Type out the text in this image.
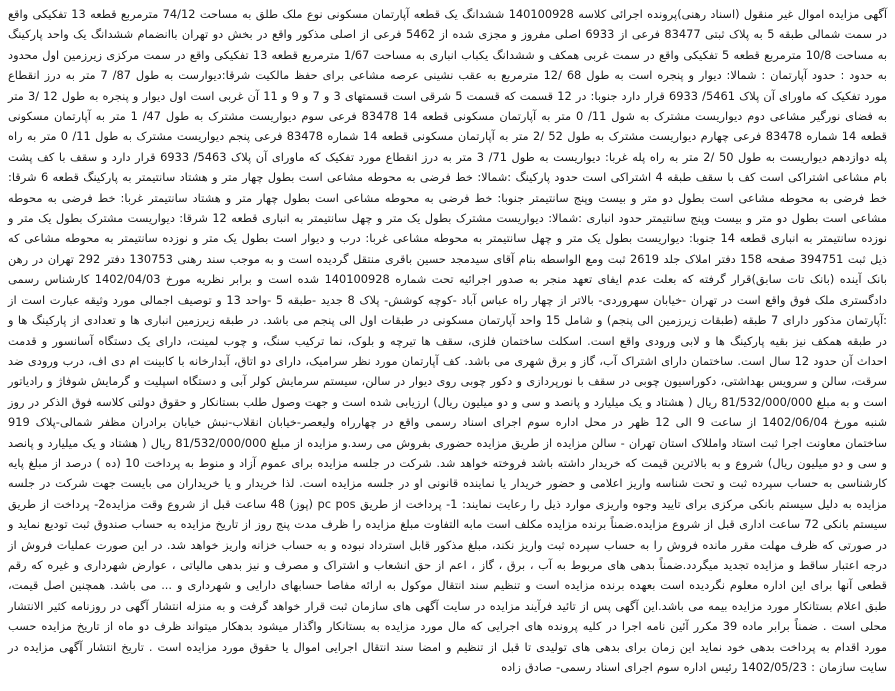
آگهی مزایده اموال غیر منقول (اسناد رهنی)پرونده اجرائی کلاسه 140100928 ششدانگ یک قطعه آپارتمان مسکونی نوع ملک طلق به مساحت 74/12 مترمربع قطعه 13 تفکیکی واقع در سمت شمالی طبقه 5 به پلاک ثبتی 83477 فرعی از 6933 اصلی مفروز و مجزی شده از 5462 فرعی از اصلی مذکور واقع در بخش دو تهران باانضمام ششدانگ یک واحد پارکینگ به مساحت 10/8 مترمربع قطعه 5 تفکیکی واقع در سمت غربی همکف و ششدانگ یکباب انباری به مساحت 1/67 مترمربع قطعه 13 تفکیکی واقع در سمت مرکزی زیرزمین اول محدود به حدود : حدود آپارتمان : شمالا: دیوار و پنجره است به طول 68 /12 مترمربع به عقب نشینی عرصه مشاعی برای حفظ مالکیت شرقا:دیوارست به طول 87/ 7 متر به درز انقطاع مورد تفکیک که ماورای آن پلاک 5461/ 6933 قرار دارد جنوبا: در 12 قسمت که قسمت 5 شرقی است قسمتهای 3 و 7 و 9 و 11 آن غربی است اول دیوار و پنجره به طول 12 /3 متر به فضای نورگیر مشاعی دوم دیواریست مشترک به شول 11/ 0 متر به آپارتمان مسکونی قطعه 14 83478 فرعی سوم دیواریست مشترک به طول 47/ 1 متر به آپارتمان مسکونی قطعه 14 شماره 83478 فرعی چهارم دیواریست مشترک به طول 52 /2 متر به آپارتمان مسکونی قطعه 14 شماره 83478 فرعی پنجم دیواریست مشترک به طول 11/ 0 متر به راه پله دوازدهم دیواریست به طول 50 /2 متر به راه پله غربا: دیواریست به طول 71/ 3 متر به درز انقطاع مورد تفکیک که ماورای آن پلاک 5463/ 6933 قرار دارد و سقف با کف پشت بام مشاعی اشتراکی است کف با سقف طبقه 4 اشتراکی است حدود پارکینگ :شمالا: خط فرضی به محوطه مشاعی است بطول چهار متر و هشتاد سانتیمتر به پارکینگ قطعه 6 شرقا: خط فرضی به محوطه مشاعی است بطول دو متر و بیست وپنج سانتیمتر جنوبا: خط فرضی به محوطه مشاعی است بطول چهار متر و هشتاد سانتیمتر غربا: خط فرضی به محوطه مشاعی است بطول دو متر و بیست وپنج سانتیمتر حدود انباری :شمالا: دیواریست مشترک بطول یک متر و چهل سانتیمتر به انباری قطعه 12 شرقا: دیواریست مشترک بطول یک متر و نوزده سانتیمتر به انباری قطعه 14 جنوبا: دیواریست بطول یک متر و چهل سانتیمتر به محوطه مشاعی غربا: درب و دیوار است بطول یک متر و نوزده سانتیمتر به محوطه مشاعی که ذیل ثبت 394751 صفحه 158 دفتر املاک جلد 2619 ثبت ومع الواسطه بنام آقای سیدمجد حسین باقری منتقل گردیده است و به موجب سند رهنی 130753 دفتر 292 تهران در رهن بانک آینده (بانک تات سابق)قرار گرفته که بعلت عدم ایفای تعهد منجر به صدور اجرائیه تحت شماره 140100928 شده است و برابر نظریه مورخ 1402/04/03 کارشناس رسمی دادگستری ملک فوق واقع است در تهران -خیابان سهروردی- بالاتر از چهار راه عباس آباد -کوچه کوشش- پلاک 8 جدید -طبقه 5 -واحد 13 و توصیف اجمالی مورد وثیقه عبارت است از :آپارتمان مذکور دارای 7 طبقه (طبقات زیرزمین الی پنجم) و شامل 15 واحد آپارتمان مسکونی در طبقات اول الی پنجم می باشد. در طبقه زیرزمین انباری ها و تعدادی از پارکینگ ها و در طبقه همکف نیز بقیه پارکینگ ها و لابی ورودی واقع است. اسکلت ساختمان فلزی، سقف ها تیرچه و بلوک، نما ترکیب سنگ، و چوب لمینت، دارای یک دستگاه آسانسور و قدمت احداث آن حدود 12 سال است. ساختمان دارای اشتراک آب، گاز و برق شهری می باشد. کف آپارتمان مورد نظر سرامیک، دارای دو اتاق، آبدارخانه با کابینت ام دی اف، درب ورودی ضد سرقت، سالن و سرویس بهداشتی، دکوراسیون چوبی در سقف با نورپردازی و دکور چوبی روی دیوار در سالن، سیستم سرمایش کولر آبی و دستگاه اسپلیت و گرمایش شوفاژ و رادیاتور است و به مبلغ 81/532/000/000 ریال ( هشتاد و یک میلیارد و پانصد و سی و دو میلیون ریال) ارزیابی شده است و جهت وصول طلب بستانکار و حقوق دولتی کلاسه فوق الذکر در روز شنبه مورخ 1402/06/04 از ساعت 9 الی 12 ظهر در محل اداره سوم اجرای اسناد رسمی واقع در چهارراه ولیعصر-خیابان انقلاب-نبش خیابان برادران مظفر شمالی-پلاک 919 ساختمان معاونت اجرا ثبت استاد وامللاک استان تهران - سالن مزایده از طریق مزایده حضوری بفروش می رسد.و مزایده از مبلغ 81/532/000/000 ریال ( هشتاد و یک میلیارد و پانصد و سی و دو میلیون ریال) شروع و به بالاترین قیمت که خریدار داشته باشد فروخته خواهد شد. شرکت در جلسه مزایده برای عموم آزاد و منوط به پرداخت 10 (ده ) درصد از مبلغ پایه کارشناسی به حساب سپرده ثبت و تحت شناسه واریز اعلامی و حضور خریدار یا نماینده قانونی او در جلسه مزایده است. لذا خریدار و یا خریداران می بایست جهت شرکت در جلسه مزایده به دلیل سیستم بانکی مرکزی برای تایید وجوه واریزی موارد ذیل را رعایت نمایند: 1- پرداخت از طریق pc pos (پوز) 48 ساعت قبل از شروع وقت مزایده2- پرداخت از طریق سیستم بانکی 72 ساعت اداری قبل از شروع مزایده.ضمناً برنده مزایده مکلف است مابه التفاوت مبلغ مزایده را ظرف مدت پنج روز از تاریخ مزایده به حساب صندوق ثبت تودیع نماید و در صورتی که ظرف مهلت مقرر مانده فروش را به حساب سپرده ثبت واریز نکند، مبلغ مذکور قابل استرداد نبوده و به حساب خزانه واریز خواهد شد. در این صورت عملیات فروش از درجه اعتبار ساقط و مزایده تجدید میگردد.ضمناً بدهی های مربوط به آب ، برق ، گاز ، اعم از حق انشعاب و اشتراک و مصرف و نیز بدهی مالیاتی ، عوارض شهرداری و غیره که رقم قطعی آنها برای این اداره معلوم نگردیده است بعهده برنده مزایده است و تنظیم سند انتقال موکول به ارائه مفاصا حسابهای دارایی و شهرداری و ... می باشد. همچنین اصل قیمت، طبق اعلام بستانکار مورد مزایده بیمه می باشد.این آگهی پس از تائید فرآیند مزایده در سایت آگهی های سازمان ثبت قرار خواهد گرفت و به منزله انتشار آگهی در روزنامه کثیر الانتشار محلی است . ضمناً برابر ماده 39 مکرر آئین نامه اجرا در کلیه پرونده های اجرایی که مال مورد مزایده به بستانکار واگذار میشود بدهکار میتواند ظرف دو ماه از تاریخ مزایده حسب مورد اقدام به پرداخت بدهی خود نماید این زمان برای بدهی های تولیدی تا قبل از تنظیم و امضا سند انتقال اجرایی اموال یا حقوق مورد مزایده است . تاریخ انتشار آگهی مزایده در سایت سازمان : 1402/05/23 رئیس اداره سوم اجرای اسناد رسمی- صادق زاده
